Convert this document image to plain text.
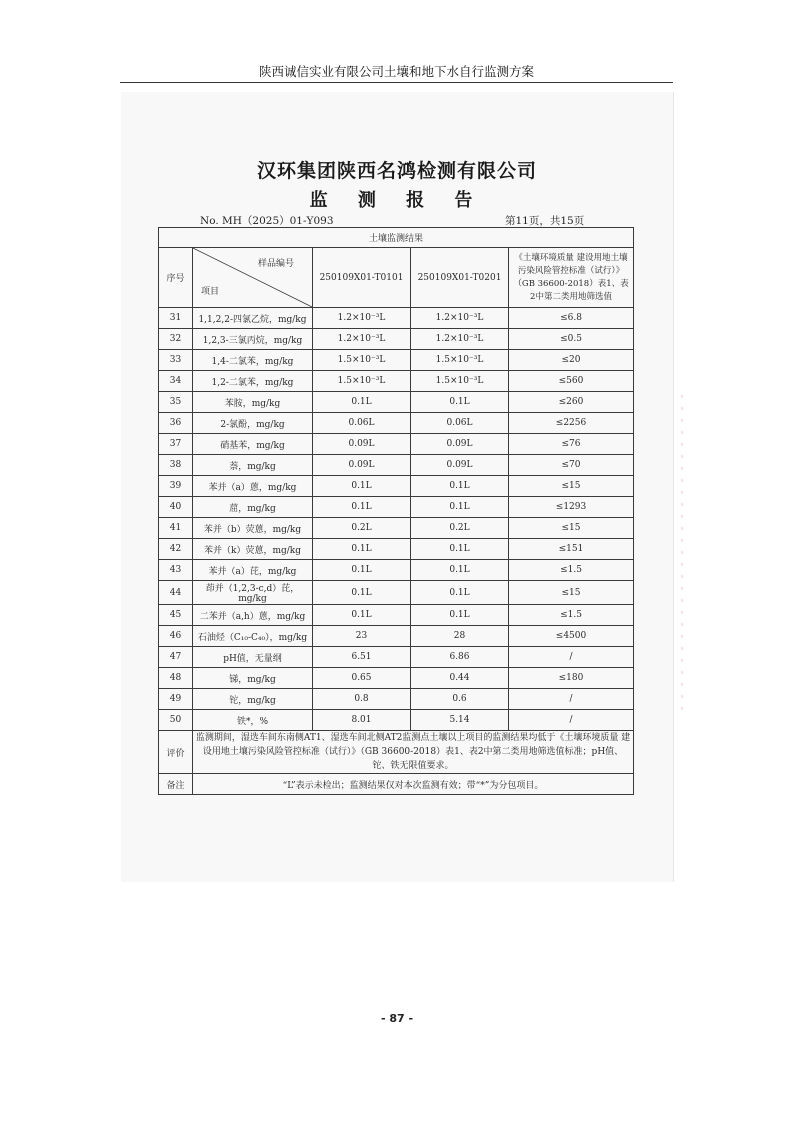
陕西诚信实业有限公司土壤和地下水自行监测方案
汉环集团陕西名鸿检测有限公司
监 测 报 告
No. MH（2025）01-Y093	第11页，共15页
土壤监测结果				
序号	样品编号
项目	250109X01-T0101	250109X01-T0201	《土壤环境质量 建设用地土壤污染风险管控标准（试行）》（GB 36600-2018）表1、表2中第二类用地筛选值
31	1,1,2,2-四氯乙烷，mg/kg	1.2×10⁻³L	1.2×10⁻³L	≤6.8
32	1,2,3-三氯丙烷，mg/kg	1.2×10⁻³L	1.2×10⁻³L	≤0.5
33	1,4-二氯苯，mg/kg	1.5×10⁻³L	1.5×10⁻³L	≤20
34	1,2-二氯苯，mg/kg	1.5×10⁻³L	1.5×10⁻³L	≤560
35	苯胺，mg/kg	0.1L	0.1L	≤260
36	2-氯酚，mg/kg	0.06L	0.06L	≤2256
37	硝基苯，mg/kg	0.09L	0.09L	≤76
38	萘，mg/kg	0.09L	0.09L	≤70
39	苯并（a）蒽，mg/kg	0.1L	0.1L	≤15
40	䓛，mg/kg	0.1L	0.1L	≤1293
41	苯并（b）荧蒽，mg/kg	0.2L	0.2L	≤15
42	苯并（k）荧蒽，mg/kg	0.1L	0.1L	≤151
43	苯并（a）芘，mg/kg	0.1L	0.1L	≤1.5
44	茚并（1,2,3-c,d）芘，mg/kg	0.1L	0.1L	≤15
45	二苯并（a,h）蒽，mg/kg	0.1L	0.1L	≤1.5
46	石油烃（C₁₀-C₄₀），mg/kg	23	28	≤4500
47	pH值，无量纲	6.51	6.86	/
48	锑，mg/kg	0.65	0.44	≤180
49	铊，mg/kg	0.8	0.6	/
50	铁*，%	8.01	5.14	/
评价	监测期间，湿选车间东南侧AT1、湿选车间北侧AT2监测点土壤以上项目的监测结果均低于《土壤环境质量 建设用地土壤污染风险管控标准（试行）》（GB 36600-2018）表1、表2中第二类用地筛选值标准；pH值、铊、铁无限值要求。			
备注	“L”表示未检出；监测结果仅对本次监测有效；带“*”为分包项目。			
- 87 -
